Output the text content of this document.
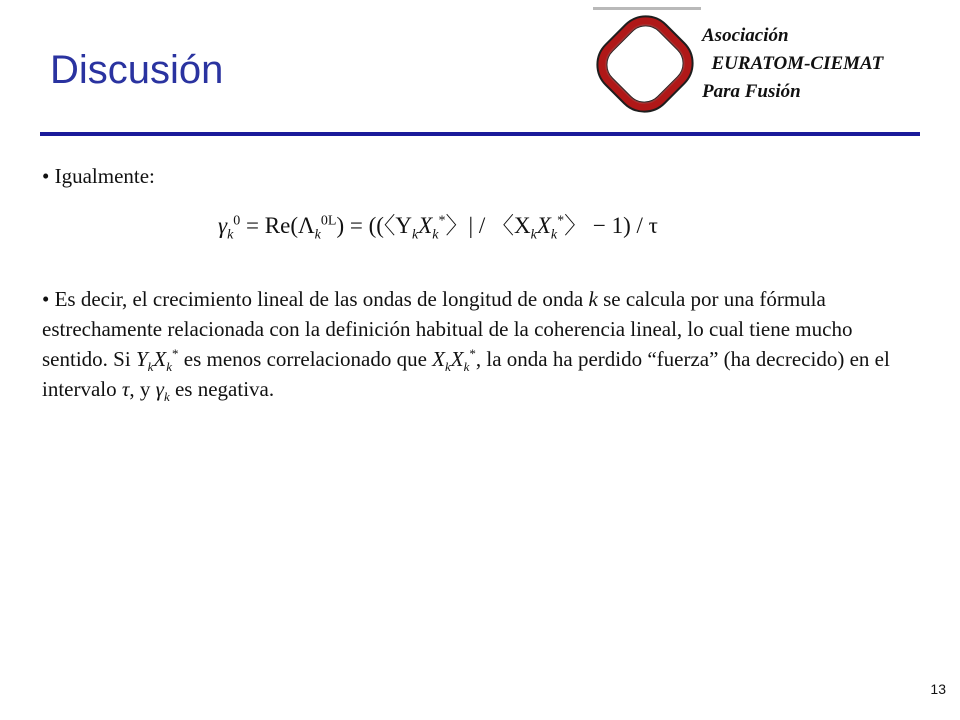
Asociación
EURATOM-CIEMAT
Para Fusión
Discusión
• Igualmente:
$\gamma_k^0 = Re(\Lambda_k^{0L})$ = ((〈$Y_kX_k^*$〉| / 〈$X_kX_k^*$〉 − 1) / τ
• Es decir, el crecimiento lineal de las ondas de longitud de onda k se calcula por una fórmula estrechamente relacionada con la definición habitual de la coherencia lineal, lo cual tiene mucho sentido. Si $Y_kX_k^*$ es menos correlacionado que $X_kX_k^*$, la onda ha perdido “fuerza” (ha decrecido) en el intervalo τ, y $\gamma_k$ es negativa.
13
